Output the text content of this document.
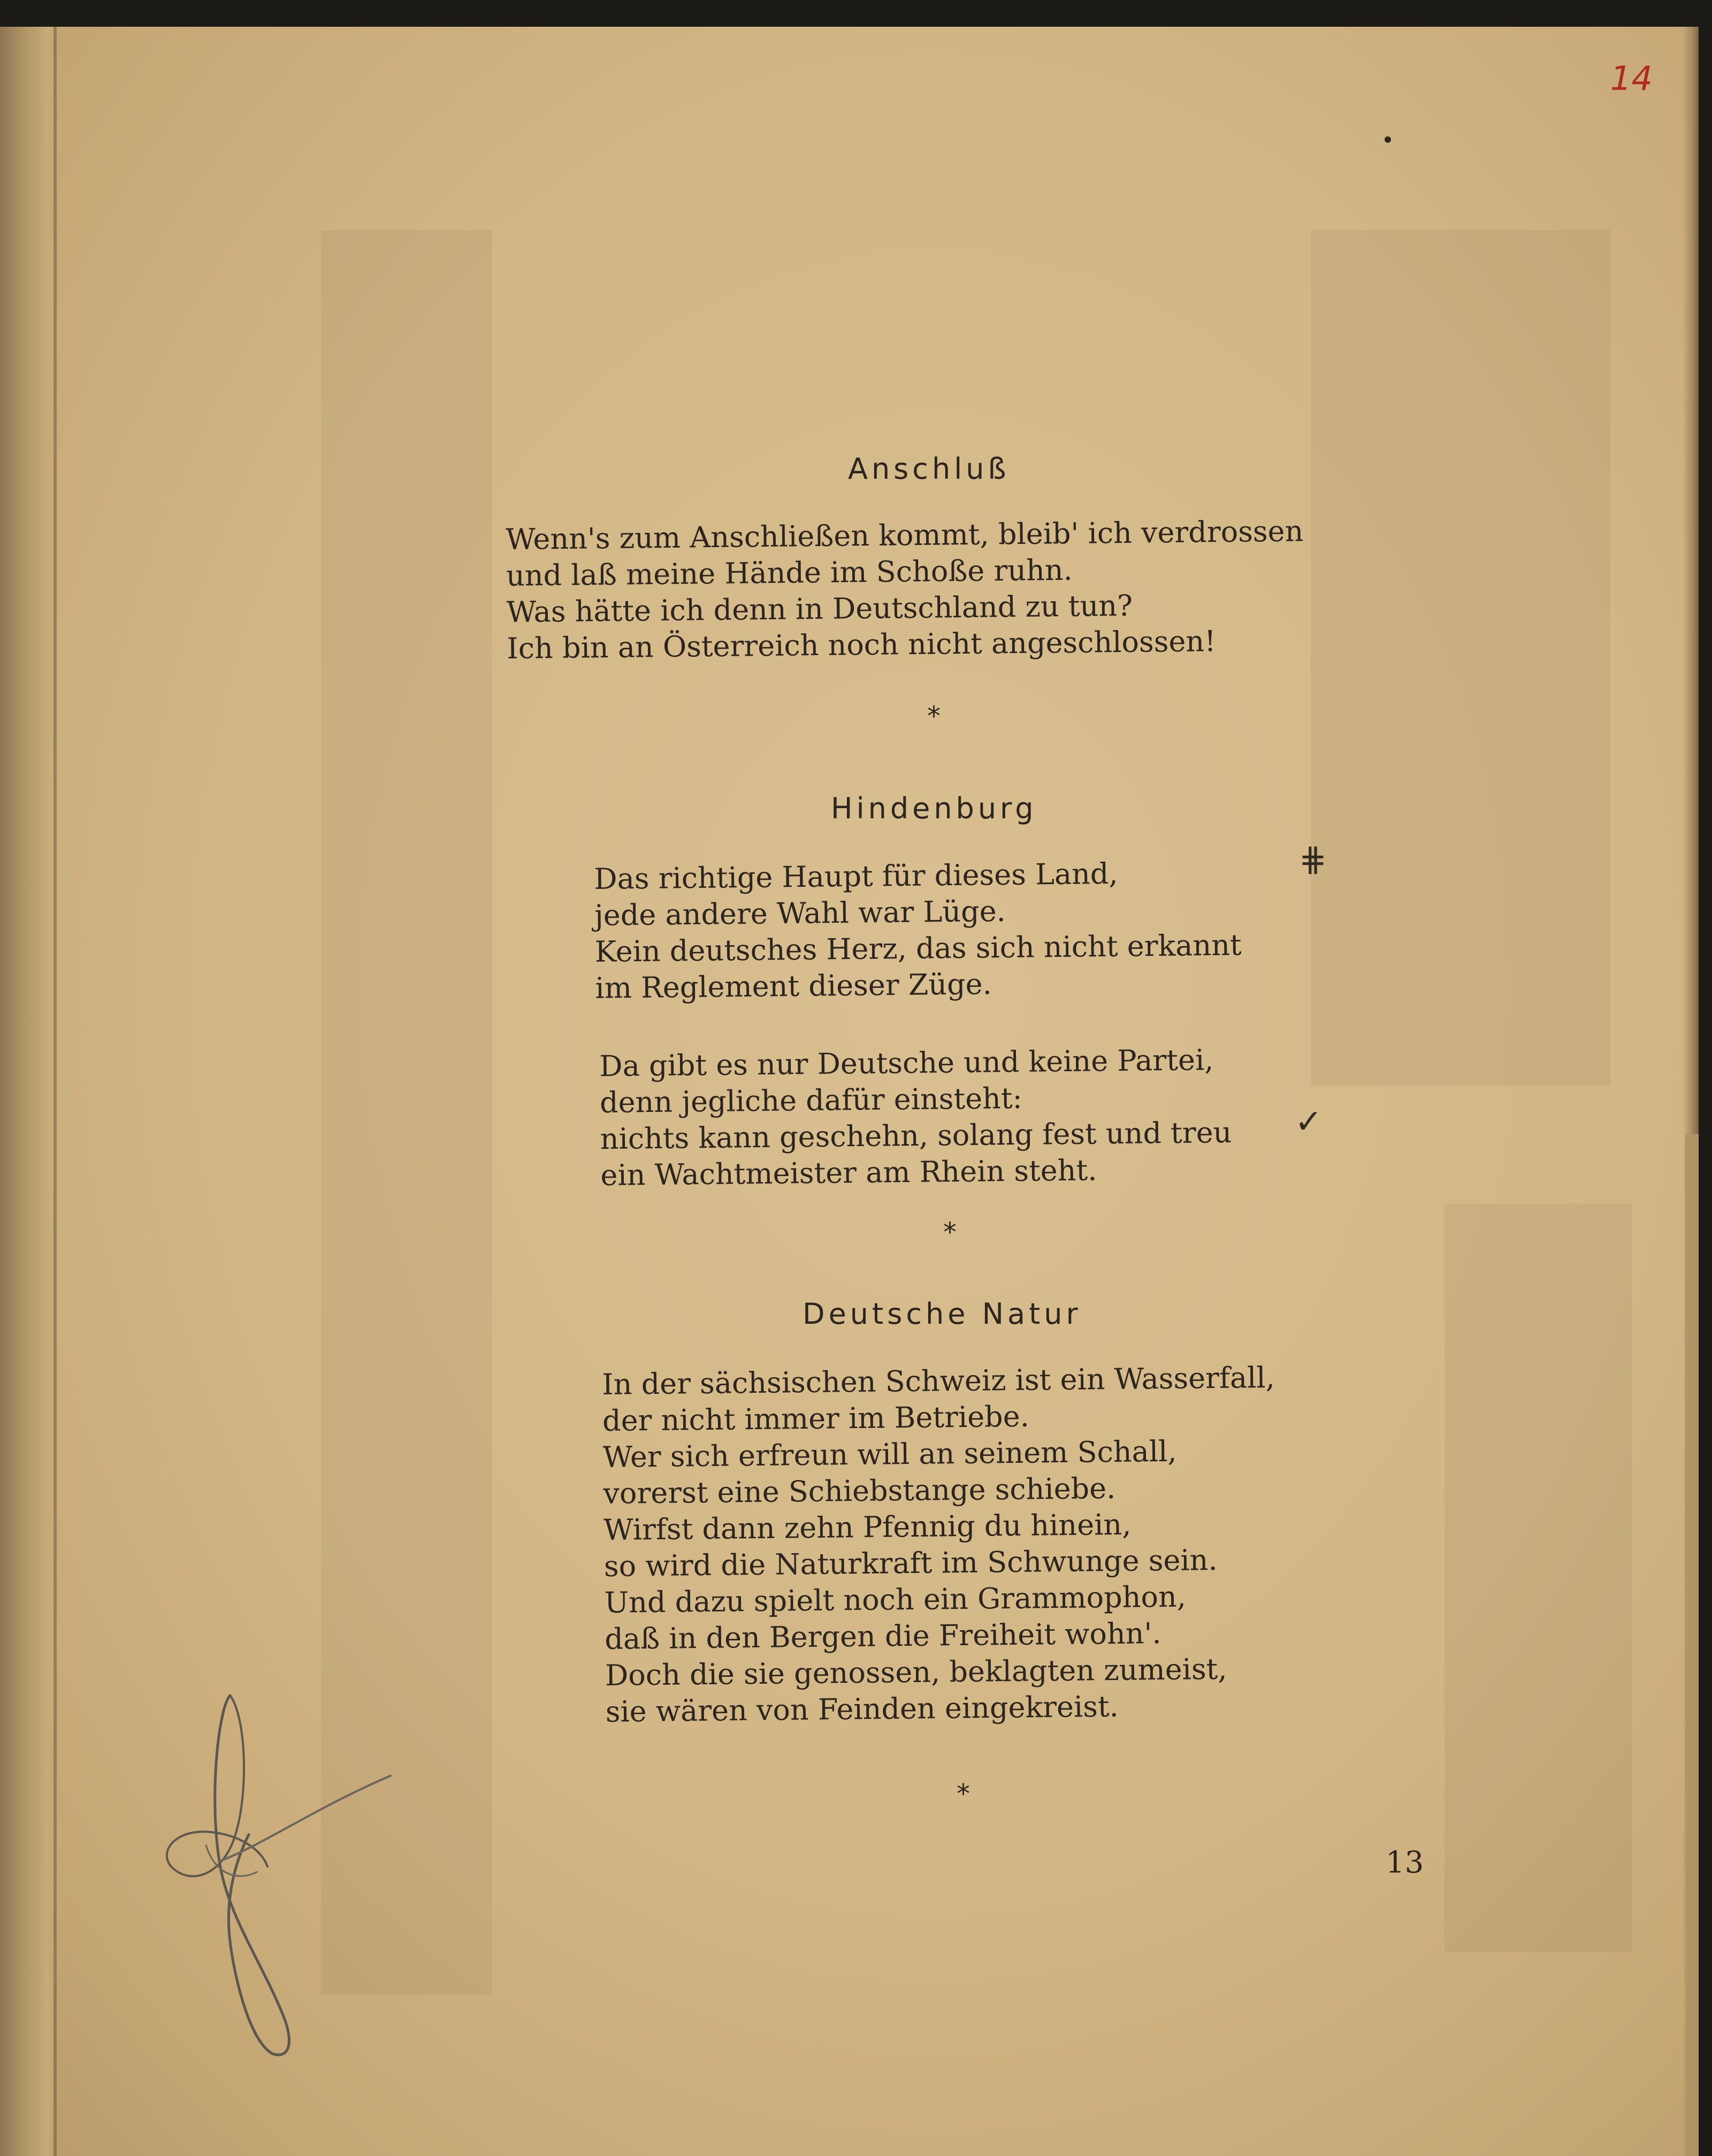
14
Anschluß
Wenn's zum Anschließen kommt, bleib' ich verdrossen
und laß meine Hände im Schoße ruhn.
Was hätte ich denn in Deutschland zu tun?
Ich bin an Österreich noch nicht angeschlossen!
*
Hindenburg
Das richtige Haupt für dieses Land,
jede andere Wahl war Lüge.
Kein deutsches Herz, das sich nicht erkannt
im Reglement dieser Züge.
Da gibt es nur Deutsche und keine Partei,
denn jegliche dafür einsteht:
nichts kann geschehn, solang fest und treu
ein Wachtmeister am Rhein steht.
⋕
✓
*
Deutsche Natur
In der sächsischen Schweiz ist ein Wasserfall,
der nicht immer im Betriebe.
Wer sich erfreun will an seinem Schall,
vorerst eine Schiebstange schiebe.
Wirfst dann zehn Pfennig du hinein,
so wird die Naturkraft im Schwunge sein.
Und dazu spielt noch ein Grammophon,
daß in den Bergen die Freiheit wohn'.
Doch die sie genossen, beklagten zumeist,
sie wären von Feinden eingekreist.
*
13
